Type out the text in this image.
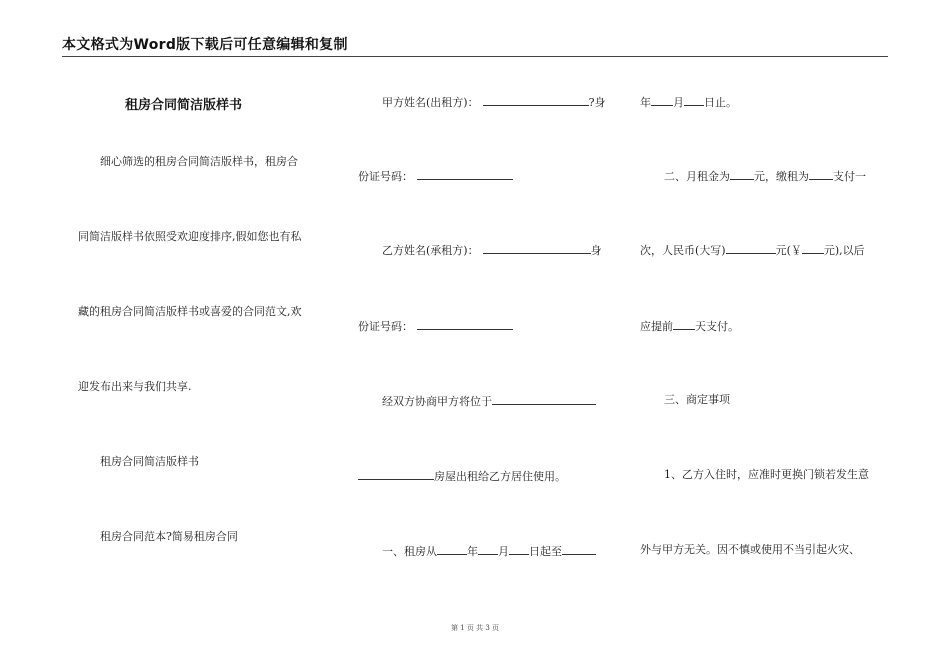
本文格式为Word版下载后可任意编辑和复制
租房合同简洁版样书
细心筛选的租房合同简洁版样书，租房合
同简洁版样书依照受欢迎度排序,假如您也有私
藏的租房合同简洁版样书或喜爱的合同范文,欢
迎发布出来与我们共享.
租房合同简洁版样书
租房合同范本?简易租房合同
甲方姓名(出租方)：	?身
份证号码：
乙方姓名(承租方)：	身
份证号码：
经双方协商甲方将位于
房屋出租给乙方居住使用。
一、租房从	年 月 日起至
年 月 日止。
二、月租金为 元，缴租为 支付一
次，人民币(大写)	元(￥ 元),以后
应提前 天支付。
三、商定事项
1、乙方入住时，应准时更换门锁若发生意
外与甲方无关。因不慎或使用不当引起火灾、
第 1 页 共 3 页
